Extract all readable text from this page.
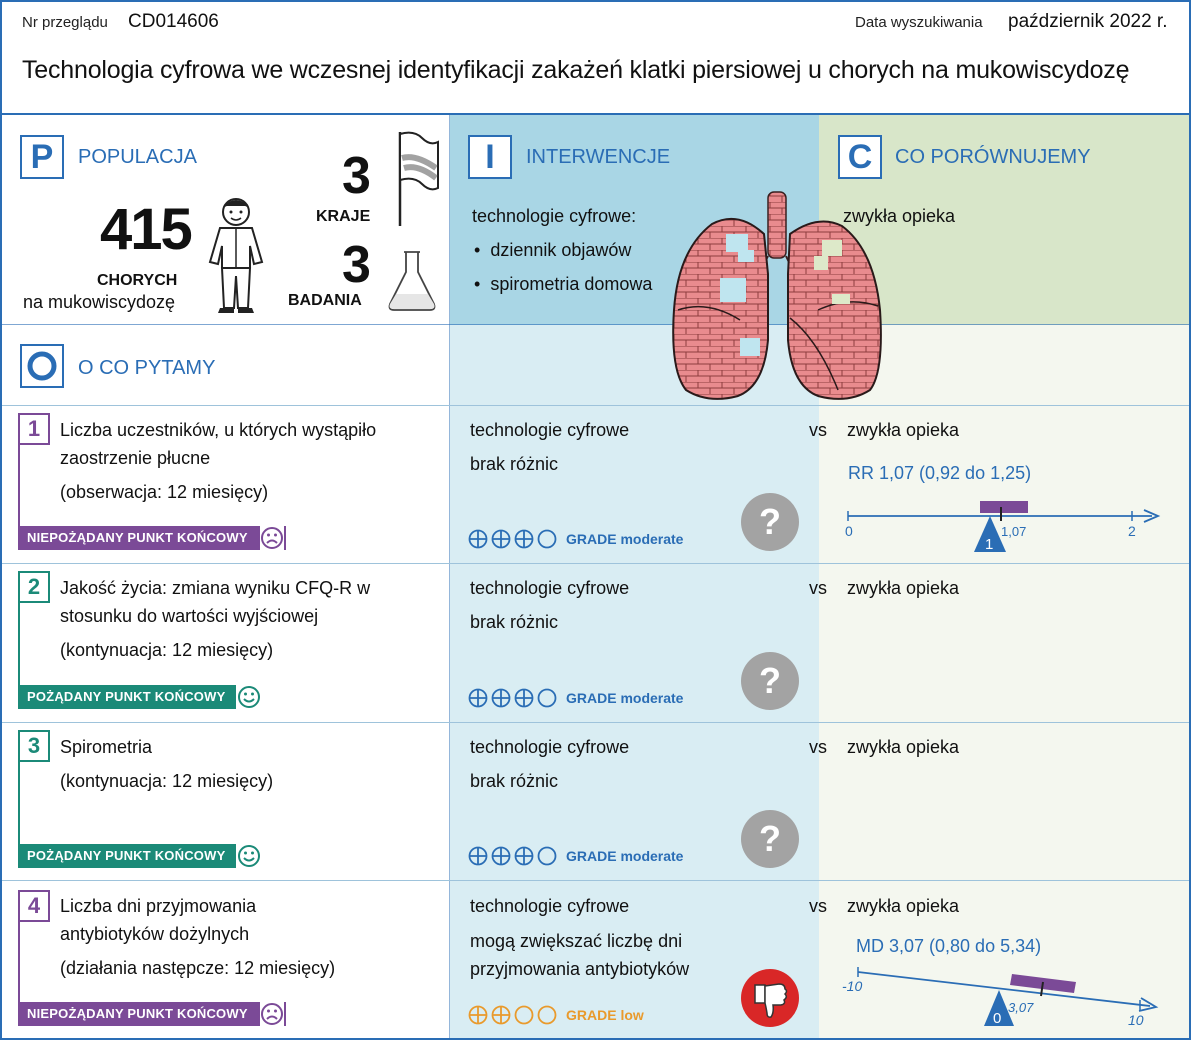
Nr przeglądu CD014606	Data wyszukiwania październik 2022 r.
Technologia cyfrowa we wczesnej identyfikacji zakażeń klatki piersiowej u chorych na mukowiscydozę
P	POPULACJA
415
CHORYCH
na mukowiscydozę
3
KRAJE
3
BADANIA
I	INTERWENCJE
technologie cyfrowe:
•  dziennik objawów
•  spirometria domowa
C	CO PORÓWNUJEMY
zwykła opieka
O CO PYTAMY
1	Liczba uczestników, u których wystąpiło
zaostrzenie płucne
(obserwacja: 12 miesięcy)
NIEPOŻĄDANY PUNKT KOŃCOWY
technologie cyfrowe
brak różnic
GRADE moderate	?
vs zwykła opieka
RR 1,07 (0,92 do 1,25)
0	2
1,07
1
2	Jakość życia: zmiana wyniku CFQ-R w
stosunku do wartości wyjściowej
(kontynuacja: 12 miesięcy)
POŻĄDANY PUNKT KOŃCOWY
technologie cyfrowe
brak różnic
GRADE moderate	?
vs zwykła opieka
3	Spirometria
(kontynuacja: 12 miesięcy)
POŻĄDANY PUNKT KOŃCOWY
technologie cyfrowe
brak różnic
GRADE moderate	?
vs zwykła opieka
4	Liczba dni przyjmowania
antybiotyków dożylnych
(działania następcze: 12 miesięcy)
NIEPOŻĄDANY PUNKT KOŃCOWY
technologie cyfrowe
mogą zwiększać liczbę dni
przyjmowania antybiotyków
GRADE low
vs zwykła opieka
MD 3,07 (0,80 do 5,34)
-10
10
3,07
0
